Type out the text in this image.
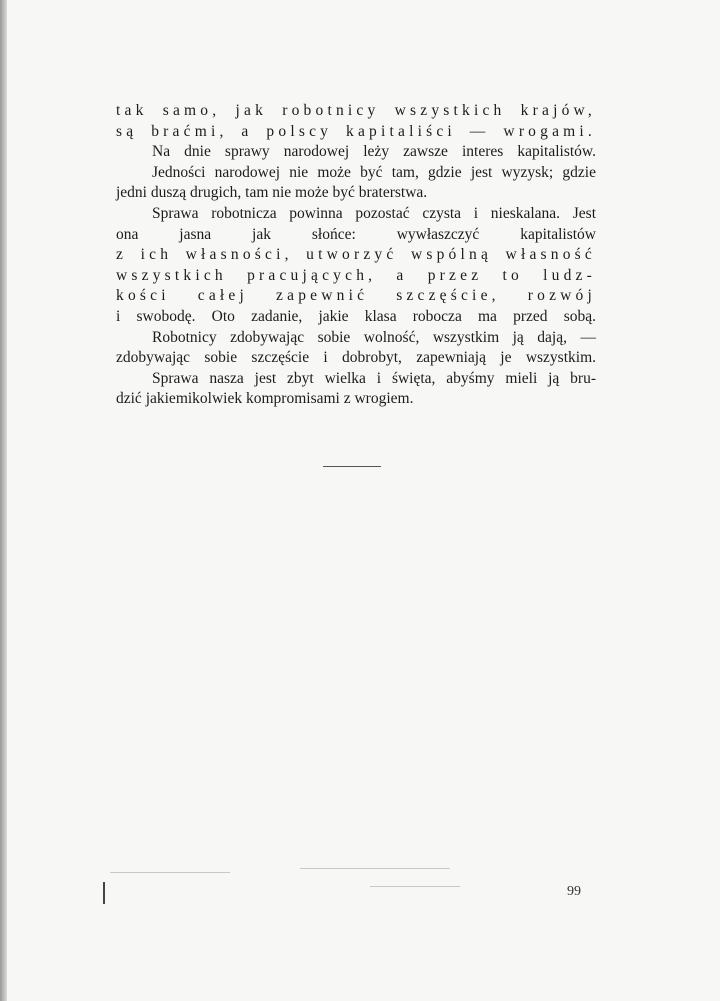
tak samo, jak robotnicy wszystkich krajów,
są braćmi, a polscy kapitaliści — wrogami.
Na dnie sprawy narodowej leży zawsze interes kapitalistów.
Jedności narodowej nie może być tam, gdzie jest wyzysk; gdzie
jedni duszą drugich, tam nie może być braterstwa.
Sprawa robotnicza powinna pozostać czysta i nieskalana. Jest
ona jasna jak słońce: wywłaszczyć kapitalistów
z ich własności, utworzyć wspólną własność
wszystkich pracujących, a przez to ludz-
kości całej zapewnić szczęście, rozwój
i swobodę. Oto zadanie, jakie klasa robocza ma przed sobą.
Robotnicy zdobywając sobie wolność, wszystkim ją dają, —
zdobywając sobie szczęście i dobrobyt, zapewniają je wszystkim.
Sprawa nasza jest zbyt wielka i święta, abyśmy mieli ją bru-
dzić jakiemikolwiek kompromisami z wrogiem.
99
